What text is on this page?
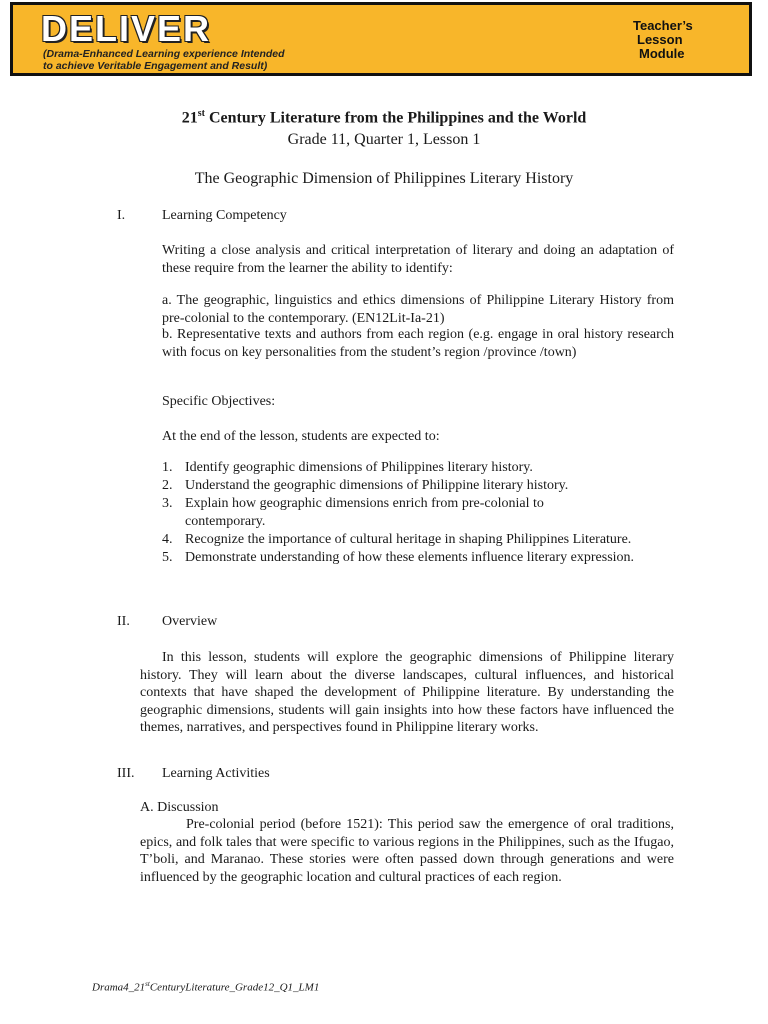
DELIVER
(Drama-Enhanced Learning experience Intended
to achieve Veritable Engagement and Result)
Teacher’s
Lesson
Module
21st Century Literature from the Philippines and the World
Grade 11, Quarter 1, Lesson 1
The Geographic Dimension of Philippines Literary History
I.	Learning Competency
Writing a close analysis and critical interpretation of literary and doing an adaptation of these require from the learner the ability to identify:
a. The geographic, linguistics and ethics dimensions of Philippine Literary History from pre-colonial to the contemporary. (EN12Lit-Ia-21)
b. Representative texts and authors from each region (e.g. engage in oral history research with focus on key personalities from the student’s region /province /town)
Specific Objectives:
At the end of the lesson, students are expected to:
1. Identify geographic dimensions of Philippines literary history.
2. Understand the geographic dimensions of Philippine literary history.
3. Explain how geographic dimensions enrich from pre-colonial to contemporary.
4. Recognize the importance of cultural heritage in shaping Philippines Literature.
5. Demonstrate understanding of how these elements influence literary expression.
II. Overview
In this lesson, students will explore the geographic dimensions of Philippine literary history. They will learn about the diverse landscapes, cultural influences, and historical contexts that have shaped the development of Philippine literature. By understanding the geographic dimensions, students will gain insights into how these factors have influenced the themes, narratives, and perspectives found in Philippine literary works.
III. Learning Activities
A. Discussion
Pre-colonial period (before 1521): This period saw the emergence of oral traditions, epics, and folk tales that were specific to various regions in the Philippines, such as the Ifugao, T’boli, and Maranao. These stories were often passed down through generations and were influenced by the geographic location and cultural practices of each region.
Drama4_21stCenturyLiterature_Grade12_Q1_LM1
